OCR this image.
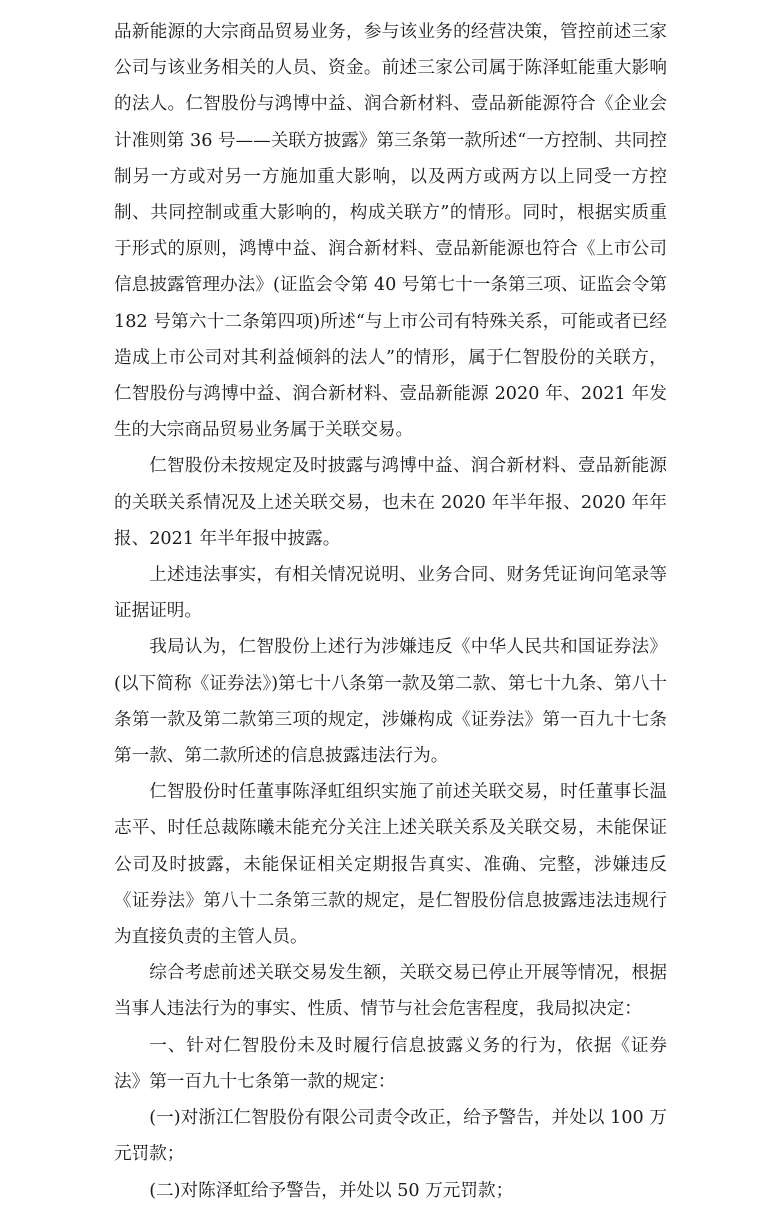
品新能源的大宗商品贸易业务，参与该业务的经营决策，管控前述三家公司与该业务相关的人员、资金。前述三家公司属于陈泽虹能重大影响的法人。仁智股份与鸿博中益、润合新材料、壹品新能源符合《企业会计准则第 36 号——关联方披露》第三条第一款所述“一方控制、共同控制另一方或对另一方施加重大影响，以及两方或两方以上同受一方控制、共同控制或重大影响的，构成关联方”的情形。同时，根据实质重于形式的原则，鸿博中益、润合新材料、壹品新能源也符合《上市公司信息披露管理办法》(证监会令第 40 号第七十一条第三项、证监会令第 182 号第六十二条第四项)所述“与上市公司有特殊关系，可能或者已经造成上市公司对其利益倾斜的法人”的情形，属于仁智股份的关联方，仁智股份与鸿博中益、润合新材料、壹品新能源 2020 年、2021 年发生的大宗商品贸易业务属于关联交易。

仁智股份未按规定及时披露与鸿博中益、润合新材料、壹品新能源的关联关系情况及上述关联交易，也未在 2020 年半年报、2020 年年报、2021 年半年报中披露。

上述违法事实，有相关情况说明、业务合同、财务凭证询问笔录等证据证明。

我局认为，仁智股份上述行为涉嫌违反《中华人民共和国证券法》(以下简称《证券法》)第七十八条第一款及第二款、第七十九条、第八十条第一款及第二款第三项的规定，涉嫌构成《证券法》第一百九十七条第一款、第二款所述的信息披露违法行为。

仁智股份时任董事陈泽虹组织实施了前述关联交易，时任董事长温志平、时任总裁陈曦未能充分关注上述关联关系及关联交易，未能保证公司及时披露，未能保证相关定期报告真实、准确、完整，涉嫌违反《证券法》第八十二条第三款的规定，是仁智股份信息披露违法违规行为直接负责的主管人员。

综合考虑前述关联交易发生额，关联交易已停止开展等情况，根据当事人违法行为的事实、性质、情节与社会危害程度，我局拟决定：

一、针对仁智股份未及时履行信息披露义务的行为，依据《证券法》第一百九十七条第一款的规定：

(一)对浙江仁智股份有限公司责令改正，给予警告，并处以 100 万元罚款；

(二)对陈泽虹给予警告，并处以 50 万元罚款；
